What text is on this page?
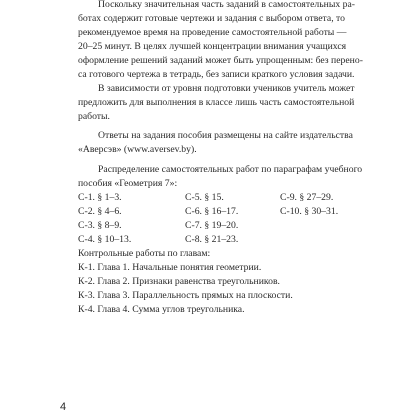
Поскольку значительная часть заданий в самостоятельных ра-
ботах содержит готовые чертежи и задания с выбором ответа, то
рекомендуемое время на проведение самостоятельной работы —
20–25 минут. В целях лучшей концентрации внимания учащихся
оформление решений заданий может быть упрощенным: без перено-
са готового чертежа в тетрадь, без записи краткого условия задачи.
В зависимости от уровня подготовки учеников учитель может
предложить для выполнения в классе лишь часть самостоятельной
работы.
Ответы на задания пособия размещены на сайте издательства
«Аверсэв» (www.aversev.by).
Распределение самостоятельных работ по параграфам учебного
пособия «Геометрия 7»:
С-1. § 1–3.	С-5. § 15.	С-9. § 27–29.
С-2. § 4–6.	С-6. § 16–17.	С-10. § 30–31.
С-3. § 8–9.	С-7. § 19–20.
С-4. § 10–13.	С-8. § 21–23.
Контрольные работы по главам:
К-1. Глава 1. Начальные понятия геометрии.
К-2. Глава 2. Признаки равенства треугольников.
К-3. Глава 3. Параллельность прямых на плоскости.
К-4. Глава 4. Сумма углов треугольника.
4
